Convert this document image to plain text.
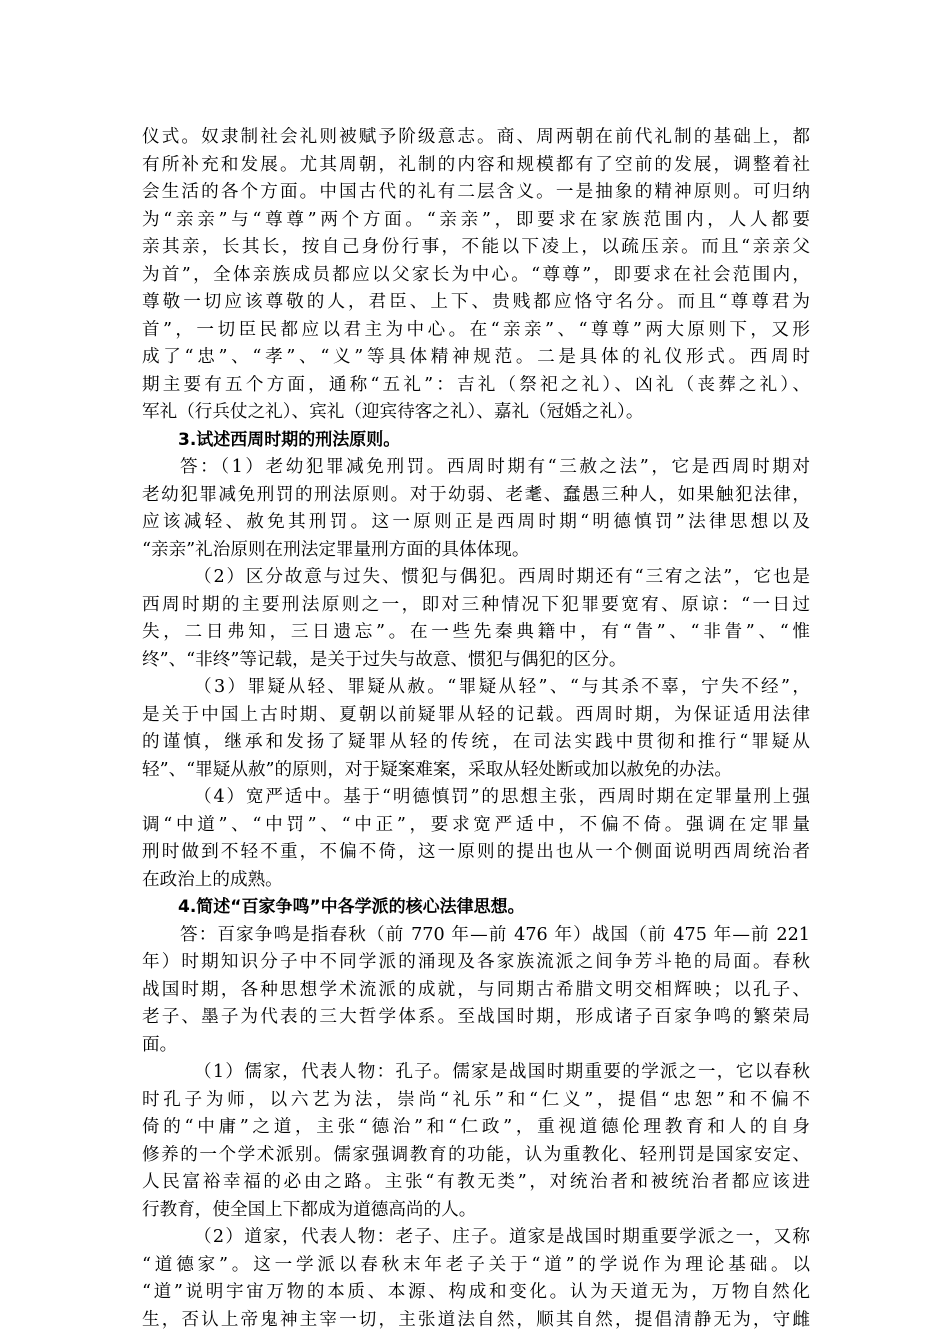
仪式。奴隶制社会礼则被赋予阶级意志。商、周两朝在前代礼制的基础上，都
有所补充和发展。尤其周朝，礼制的内容和规模都有了空前的发展，调整着社
会生活的各个方面。中国古代的礼有二层含义。一是抽象的精神原则。可归纳
为“亲亲”与“尊尊”两个方面。“亲亲”，即要求在家族范围内，人人都要
亲其亲，长其长，按自己身份行事，不能以下凌上，以疏压亲。而且“亲亲父
为首”，全体亲族成员都应以父家长为中心。“尊尊”，即要求在社会范围内，
尊敬一切应该尊敬的人，君臣、上下、贵贱都应恪守名分。而且“尊尊君为
首”，一切臣民都应以君主为中心。在“亲亲”、“尊尊”两大原则下，又形
成了“忠”、“孝”、“义”等具体精神规范。二是具体的礼仪形式。西周时
期主要有五个方面，通称“五礼”：吉礼（祭祀之礼）、凶礼（丧葬之礼）、
军礼（行兵仗之礼）、宾礼（迎宾待客之礼）、嘉礼（冠婚之礼）。
3.试述西周时期的刑法原则。
答：（1）老幼犯罪减免刑罚。西周时期有“三赦之法”，它是西周时期对
老幼犯罪减免刑罚的刑法原则。对于幼弱、老耄、蠢愚三种人，如果触犯法律，
应该减轻、赦免其刑罚。这一原则正是西周时期“明德慎罚”法律思想以及
“亲亲”礼治原则在刑法定罪量刑方面的具体体现。
（2）区分故意与过失、惯犯与偶犯。西周时期还有“三宥之法”，它也是
西周时期的主要刑法原则之一，即对三种情况下犯罪要宽宥、原谅：“一日过
失，二日弗知，三日遗忘”。在一些先秦典籍中，有“眚”、“非眚”、“惟
终”、“非终”等记载，是关于过失与故意、惯犯与偶犯的区分。
（3）罪疑从轻、罪疑从赦。“罪疑从轻”、“与其杀不辜，宁失不经”，
是关于中国上古时期、夏朝以前疑罪从轻的记载。西周时期，为保证适用法律
的谨慎，继承和发扬了疑罪从轻的传统，在司法实践中贯彻和推行“罪疑从
轻”、“罪疑从赦”的原则，对于疑案难案，采取从轻处断或加以赦免的办法。
（4）宽严适中。基于“明德慎罚”的思想主张，西周时期在定罪量刑上强
调“中道”、“中罚”、“中正”，要求宽严适中，不偏不倚。强调在定罪量
刑时做到不轻不重，不偏不倚，这一原则的提出也从一个侧面说明西周统治者
在政治上的成熟。
4.简述“百家争鸣”中各学派的核心法律思想。
答：百家争鸣是指春秋（前 770 年—前 476 年）战国（前 475 年—前 221
年）时期知识分子中不同学派的涌现及各家族流派之间争芳斗艳的局面。春秋
战国时期，各种思想学术流派的成就，与同期古希腊文明交相辉映；以孔子、
老子、墨子为代表的三大哲学体系。至战国时期，形成诸子百家争鸣的繁荣局
面。
（1）儒家，代表人物：孔子。儒家是战国时期重要的学派之一，它以春秋
时孔子为师，以六艺为法，崇尚“礼乐”和“仁义”，提倡“忠恕”和不偏不
倚的“中庸”之道，主张“德治”和“仁政”，重视道德伦理教育和人的自身
修养的一个学术派别。儒家强调教育的功能，认为重教化、轻刑罚是国家安定、
人民富裕幸福的必由之路。主张“有教无类”，对统治者和被统治者都应该进
行教育，使全国上下都成为道德高尚的人。
（2）道家，代表人物：老子、庄子。道家是战国时期重要学派之一，又称
“道德家”。这一学派以春秋末年老子关于“道”的学说作为理论基础。以
“道”说明宇宙万物的本质、本源、构成和变化。认为天道无为，万物自然化
生，否认上帝鬼神主宰一切，主张道法自然，顺其自然，提倡清静无为，守雌
